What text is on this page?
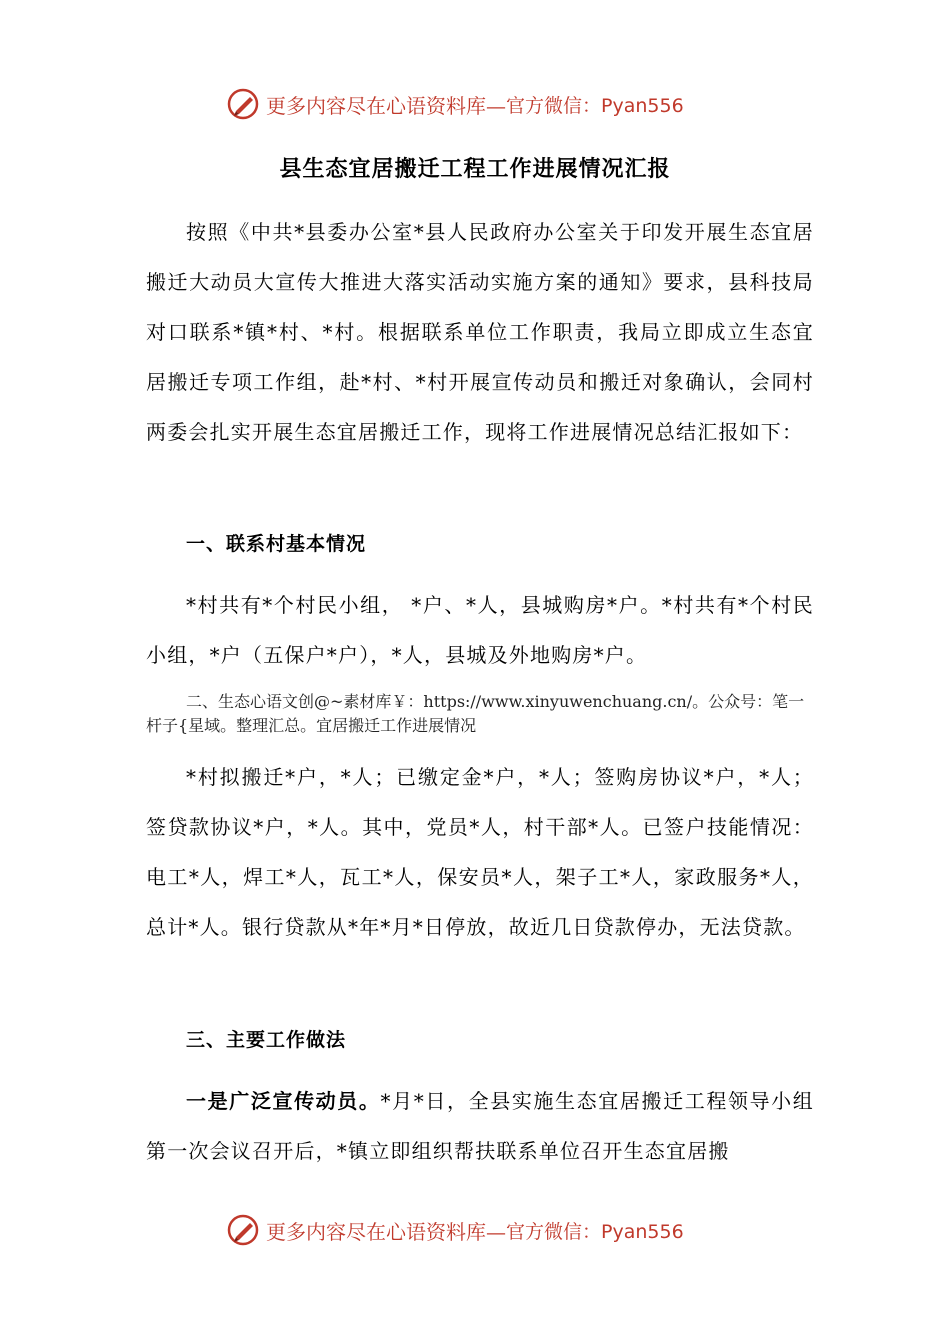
更多内容尽在心语资料库— 官方微信：Pyan556
县生态宜居搬迁工程工作进展情况汇报

按照《中共*县委办公室*县人民政府办公室关于印发开展生态宜居搬迁大动员大宣传大推进大落实活动实施方案的通知》要求，县科技局对口联系*镇*村、*村。根据联系单位工作职责，我局立即成立生态宜居搬迁专项工作组，赴*村、*村开展宣传动员和搬迁对象确认，会同村两委会扎实开展生态宜居搬迁工作，现将工作进展情况总结汇报如下：

一、联系村基本情况

*村共有*个村民小组， *户、*人，县城购房*户。*村共有*个村民小组，*户（五保户*户），*人，县城及外地购房*户。

二、生态心语文创@~素材库￥：https://www.xinyuwenchuang.cn/。公众号：笔一杆子{星域。整理汇总。宜居搬迁工作进展情况

*村拟搬迁*户，*人；已缴定金*户，*人；签购房协议*户，*人；签贷款协议*户，*人。其中，党员*人，村干部*人。已签户技能情况：电工*人，焊工*人，瓦工*人，保安员*人，架子工*人，家政服务*人，总计*人。银行贷款从*年*月*日停放，故近几日贷款停办，无法贷款。

三、主要工作做法

一是广泛宣传动员。*月*日，全县实施生态宜居搬迁工程领导小组第一次会议召开后，*镇立即组织帮扶联系单位召开生态宜居搬

更多内容尽在心语资料库— 官方微信：Pyan556
